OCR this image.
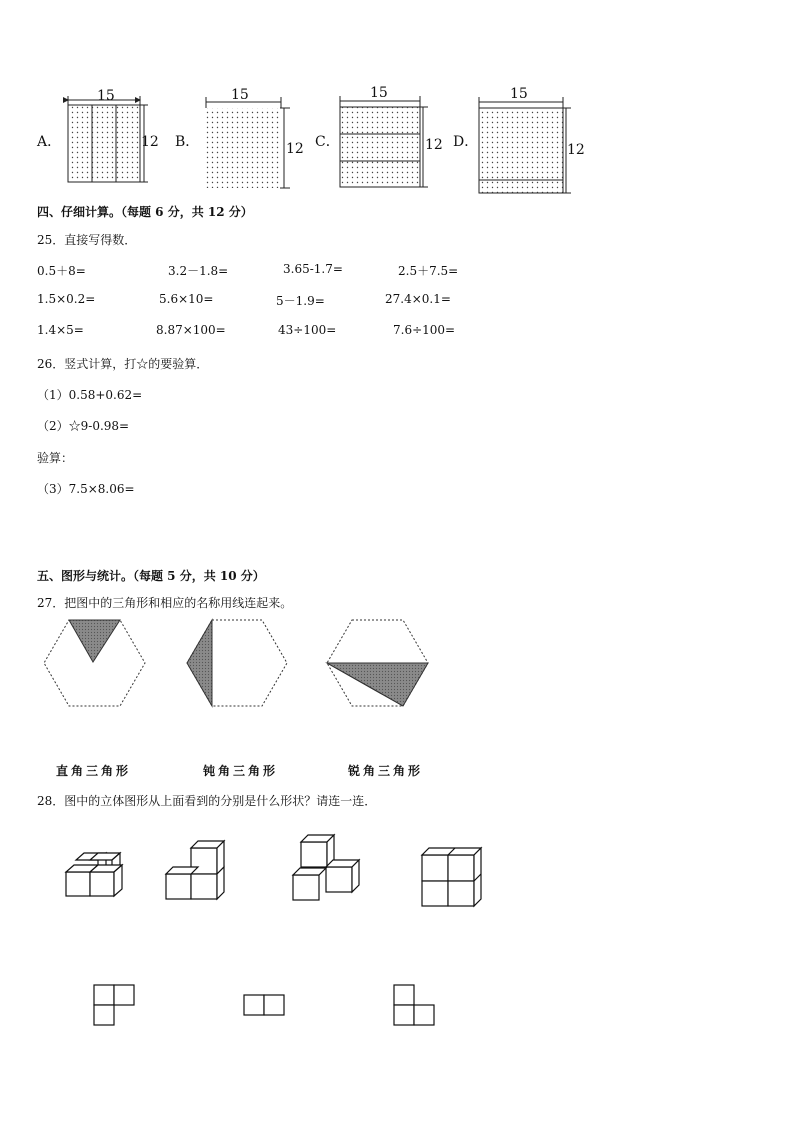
A．	B．	C．	D．
15	15	15	15
12	12	12	12
四、仔细计算。（每题 6 分，共 12 分）
25．直接写得数．
0.5＋8=	3.2－1.8=	3.65-1.7=	2.5＋7.5=
1.5×0.2=	5.6×10=	5－1.9=	27.4×0.1=
1.4×5=	8.87×100=	43÷100=	7.6÷100=
26．竖式计算，打☆的要验算．
（1）0.58+0.62=
（2）☆9-0.98=
验算：
（3）7.5×8.06=
五、图形与统计。（每题 5 分，共 10 分）
27．把图中的三角形和相应的名称用线连起来。
直角三角形	钝角三角形	锐角三角形
28．图中的立体图形从上面看到的分别是什么形状？请连一连．
